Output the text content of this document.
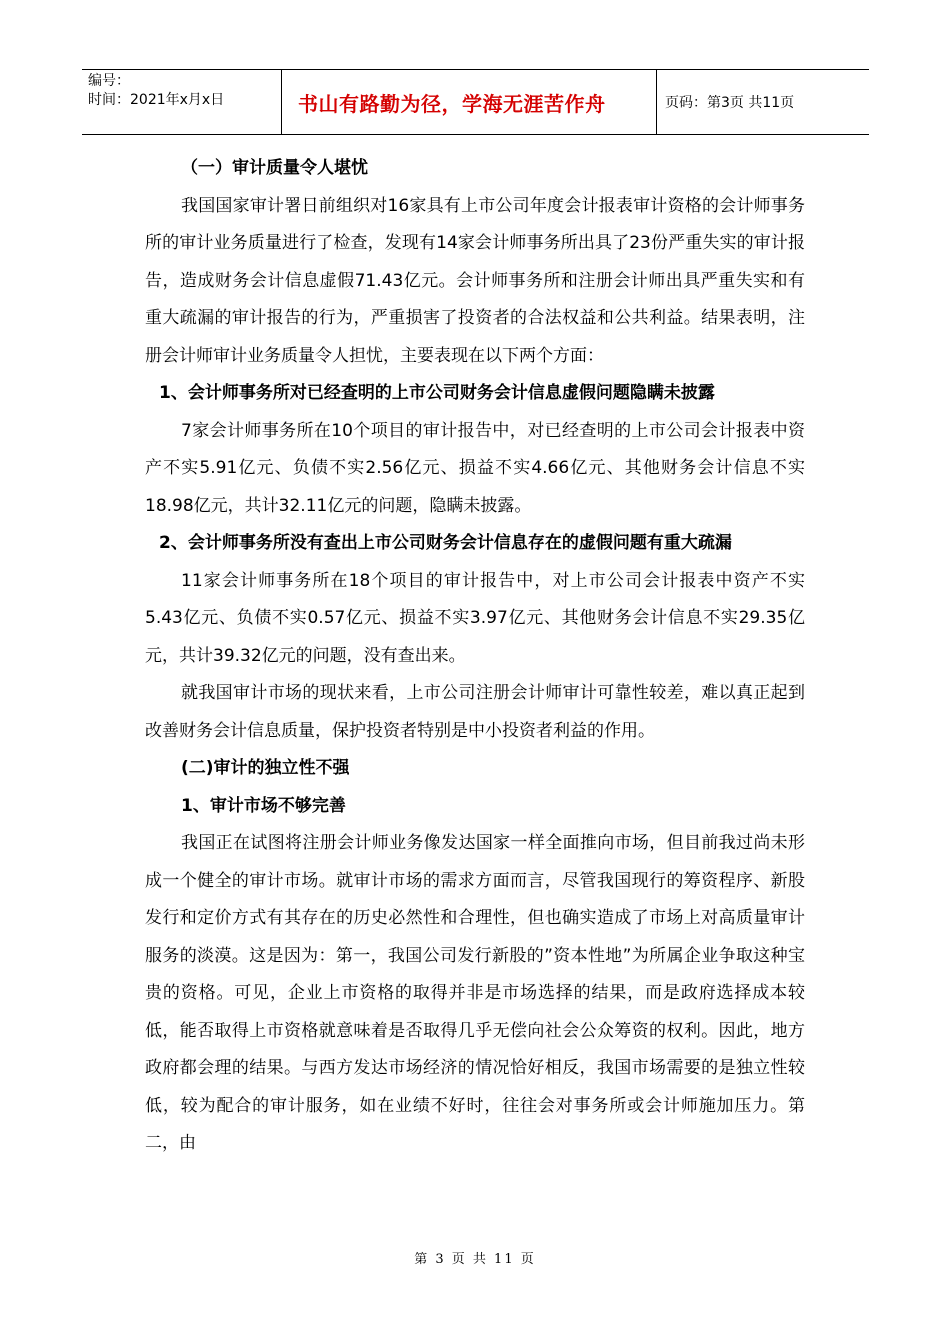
编号：
时间：2021年x月x日	书山有路勤为径，学海无涯苦作舟	页码：第3页 共11页

（一）审计质量令人堪忧

我国国家审计署日前组织对16家具有上市公司年度会计报表审计资格的会计师事务所的审计业务质量进行了检查，发现有14家会计师事务所出具了23份严重失实的审计报告，造成财务会计信息虚假71.43亿元。会计师事务所和注册会计师出具严重失实和有重大疏漏的审计报告的行为，严重损害了投资者的合法权益和公共利益。结果表明，注册会计师审计业务质量令人担忧，主要表现在以下两个方面：

1、会计师事务所对已经查明的上市公司财务会计信息虚假问题隐瞒未披露

7家会计师事务所在10个项目的审计报告中，对已经查明的上市公司会计报表中资产不实5.91亿元、负债不实2.56亿元、损益不实4.66亿元、其他财务会计信息不实18.98亿元，共计32.11亿元的问题，隐瞒未披露。

2、会计师事务所没有查出上市公司财务会计信息存在的虚假问题有重大疏漏

11家会计师事务所在18个项目的审计报告中，对上市公司会计报表中资产不实5.43亿元、负债不实0.57亿元、损益不实3.97亿元、其他财务会计信息不实29.35亿元，共计39.32亿元的问题，没有查出来。

就我国审计市场的现状来看，上市公司注册会计师审计可靠性较差，难以真正起到改善财务会计信息质量，保护投资者特别是中小投资者利益的作用。

(二)审计的独立性不强

1、审计市场不够完善

我国正在试图将注册会计师业务像发达国家一样全面推向市场，但目前我过尚未形成一个健全的审计市场。就审计市场的需求方面而言，尽管我国现行的筹资程序、新股发行和定价方式有其存在的历史必然性和合理性，但也确实造成了市场上对高质量审计服务的淡漠。这是因为：第一，我国公司发行新股的”资本性地”为所属企业争取这种宝贵的资格。可见，企业上市资格的取得并非是市场选择的结果，而是政府选择成本较低，能否取得上市资格就意味着是否取得几乎无偿向社会公众筹资的权利。因此，地方政府都会理的结果。与西方发达市场经济的情况恰好相反，我国市场需要的是独立性较低，较为配合的审计服务，如在业绩不好时，往往会对事务所或会计师施加压力。第二，由

第 3 页 共 11 页
